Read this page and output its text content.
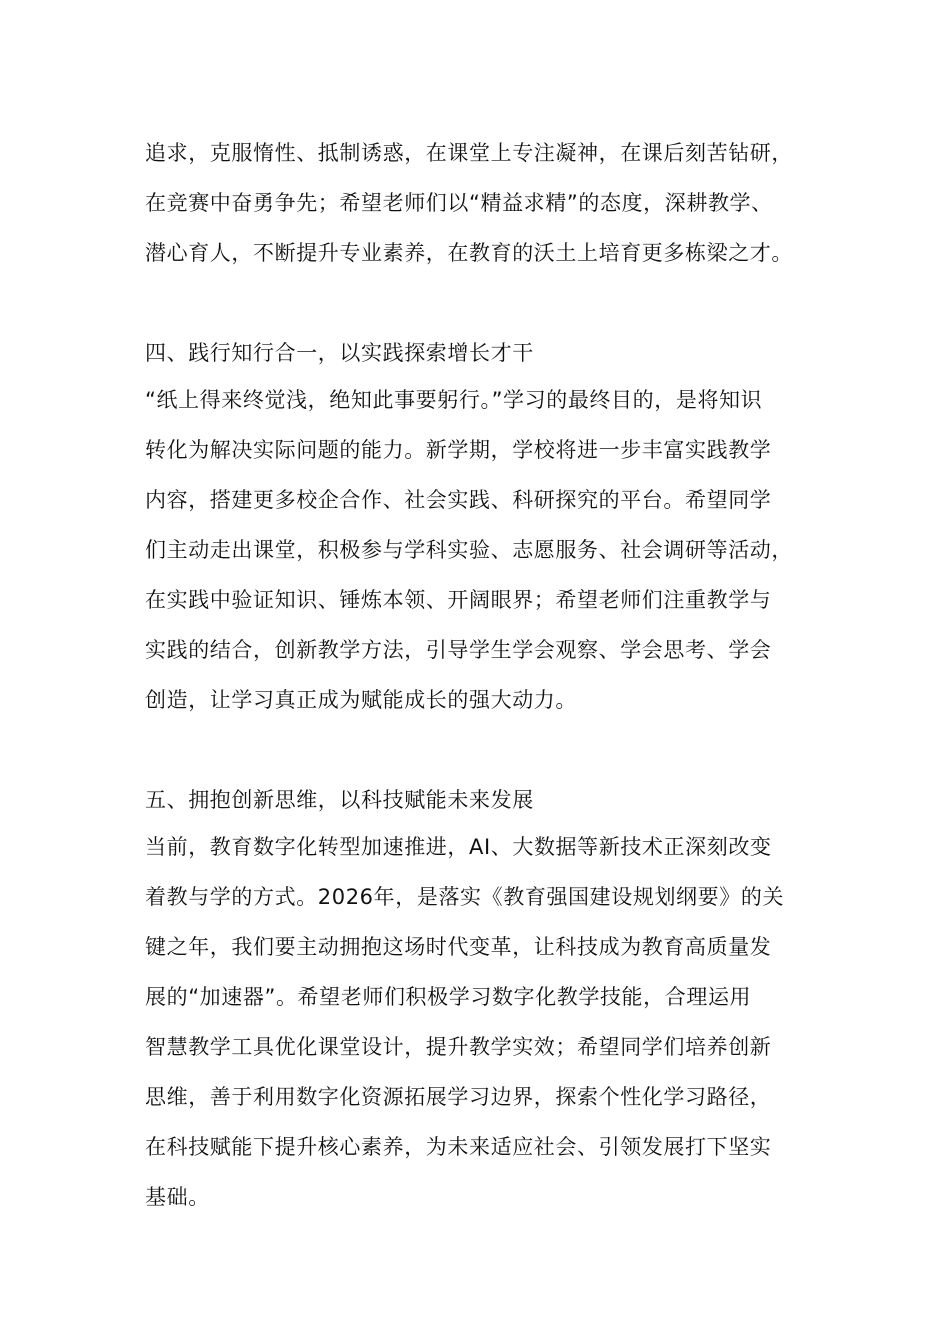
追求，克服惰性、抵制诱惑，在课堂上专注凝神，在课后刻苦钻研，
在竞赛中奋勇争先；希望老师们以“精益求精”的态度，深耕教学、
潜心育人，不断提升专业素养，在教育的沃土上培育更多栋梁之才。
四、践行知行合一，以实践探索增长才干
“纸上得来终觉浅，绝知此事要躬行。”学习的最终目的，是将知识
转化为解决实际问题的能力。新学期，学校将进一步丰富实践教学
内容，搭建更多校企合作、社会实践、科研探究的平台。希望同学
们主动走出课堂，积极参与学科实验、志愿服务、社会调研等活动，
在实践中验证知识、锤炼本领、开阔眼界；希望老师们注重教学与
实践的结合，创新教学方法，引导学生学会观察、学会思考、学会
创造，让学习真正成为赋能成长的强大动力。
五、拥抱创新思维，以科技赋能未来发展
当前，教育数字化转型加速推进，AI、大数据等新技术正深刻改变
着教与学的方式。2026年，是落实《教育强国建设规划纲要》的关
键之年，我们要主动拥抱这场时代变革，让科技成为教育高质量发
展的“加速器”。希望老师们积极学习数字化教学技能，合理运用
智慧教学工具优化课堂设计，提升教学实效；希望同学们培养创新
思维，善于利用数字化资源拓展学习边界，探索个性化学习路径，
在科技赋能下提升核心素养，为未来适应社会、引领发展打下坚实
基础。
